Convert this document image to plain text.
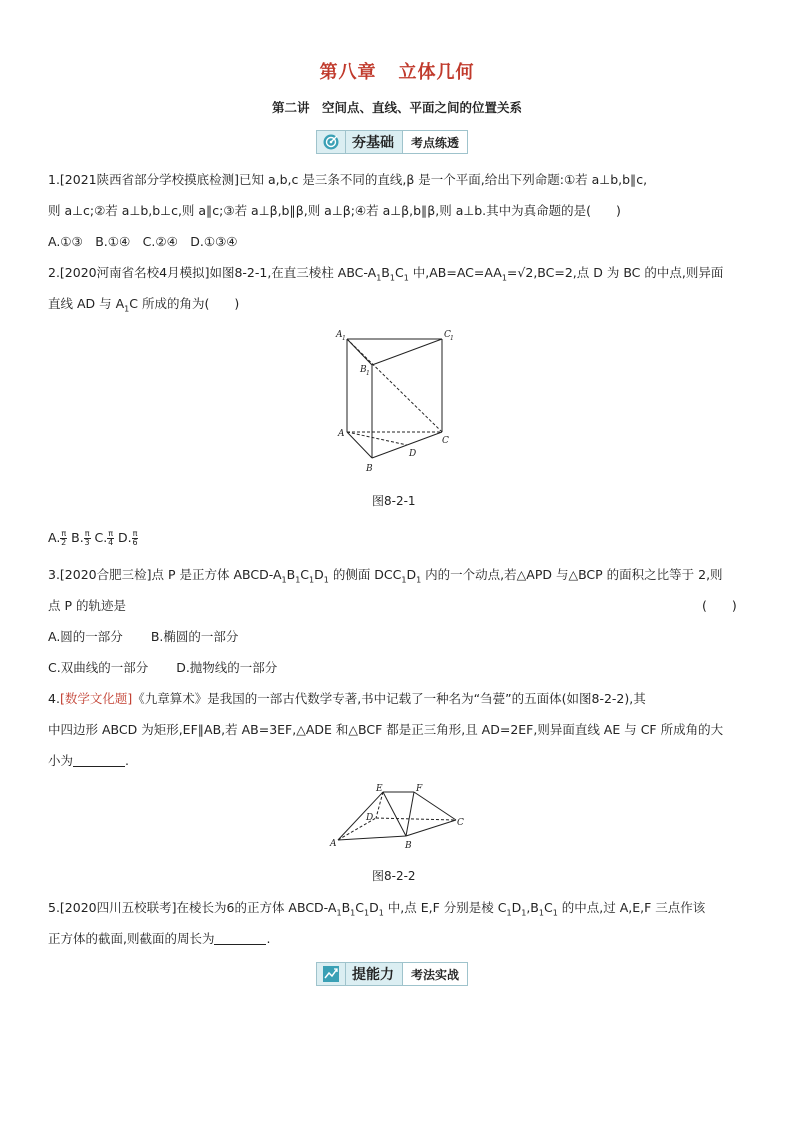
第八章 立体几何
第二讲　空间点、直线、平面之间的位置关系
夯基础	考点练透
1.[2021陕西省部分学校摸底检测]已知 a,b,c 是三条不同的直线,β 是一个平面,给出下列命题:①若 a⊥b,b∥c,
则 a⊥c;②若 a⊥b,b⊥c,则 a∥c;③若 a⊥β,b∥β,则 a⊥β;④若 a⊥β,b∥β,则 a⊥b.其中为真命题的是(　　)
A.①③　B.①④　C.②④　D.①③④
2.[2020河南省名校4月模拟]如图8-2-1,在直三棱柱 ABC-$A_1B_1C_1$ 中$,AB=AC=AA_1=√2,BC=2$,点 D 为 BC 的中点,则异面
直线 AD 与 $A_1C$ 所成的角为(　　)
A 1	C 1
B 1
A
B
C
D
图8-2-1
A. $\frac{\pi}{2} B$. $\frac{\pi}{3} C$. $\frac{\pi}{4} D$. $\frac{\pi}{6}$
3.[2020合肥三检]点 P 是正方体 ABCD-$A_1B_1C_1D_1$ 的侧面 $DCC_1D_1$ 内的一个动点,若△APD 与△BCP 的面积之比等于 2,则
点 P 的轨迹是	(　　)
A.圆的一部分 B.椭圆的一部分
C.双曲线的一部分 D.抛物线的一部分
4.[数学文化题]《九章算术》是我国的一部古代数学专著,书中记载了一种名为“刍甍”的五面体(如图8-2-2),其
中四边形 ABCD 为矩形,EF∥AB,若 AB=3EF,△ADE 和△BCF 都是正三角形,且 AD=2EF,则异面直线 AE 与 CF 所成角的大
小为	.
E	F
D	C
A	B
图8-2-2
5.[2020四川五校联考]在棱长为6的正方体 ABCD-$A_1B_1C_1D_1$ 中,点 E,F 分别是棱 $C_1D_1,B_1C_1$ 的中点,过 A,E,F 三点作该
正方体的截面,则截面的周长为	.
提能力	考法实战
